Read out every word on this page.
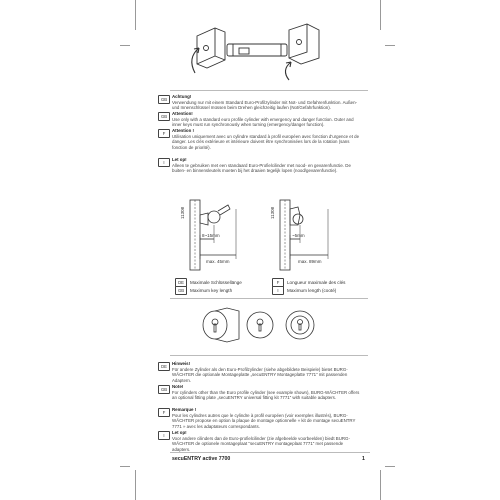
GB
Achtung!
Verwendung nur mit einem Standard Euro-Profilzylinder mit Not- und Gefahrenfunktion. Außen- und Innenschlüssel müssen beim Drehen gleichzeitig laufen (Not/Gefahrfunktion).
GB
Attention!
Use only with a standard euro profile cylinder with emergency and danger function. Outer and inner keys must run synchronously when turning (emergency/danger function).
F
Attention !
Utilisation uniquement avec un cylindre standard à profil européen avec fonction d'urgence et de danger. Les clés extérieure et intérieure doivent être synchronisées lors de la rotation (sans fonction de priorité).
I
Let op!
Alleen te gebruiken met een standaard Euro-Profielcilinder met nood- en gevarenfunctie. De buiten- en binnensleutels moeten bij het draaien tegelijk lopen (nood/gevarenfunctie).
11308
8~15mm
max. 45mm
11308
~5mm
max. 89mm
DE	Maximale Schlüssellänge
GB	Maximum key length
F	Longueur maximale des clés
I	Maximum length (cooté)
DE
Hinweis!
Für andere Zylinder als den Euro-Profilzylinder (siehe abgebildete Beispiele) bietet BURG-WÄCHTER die optionale Montageplatte „secuENTRY Montageplatte 7771“ mit passenden Adaptern.
GB
Note!
For cylinders other than the Euro profile cylinder (see example shown), BURG-WÄCHTER offers an optional fitting plate „secuENTRY universal fitting kit 7771“ with suitable adapters.
F
Remarque !
Pour les cylindres autres que le cylindre à profil européen (voir exemples illustrés), BURG-WÄCHTER propose en option la plaque de montage optionnelle « kit de montage secuENTRY 7771 » avec les adaptateurs correspondants.
I
Let op!
Voor andere cilinders dan de Euro-profielcilinder (zie afgebeelde voorbeelden) biedt BURG-WÄCHTER de optionele montageplaat "secuENTRY montageplaat 7771" met passende adapters.
secuENTRY active 7700	1
